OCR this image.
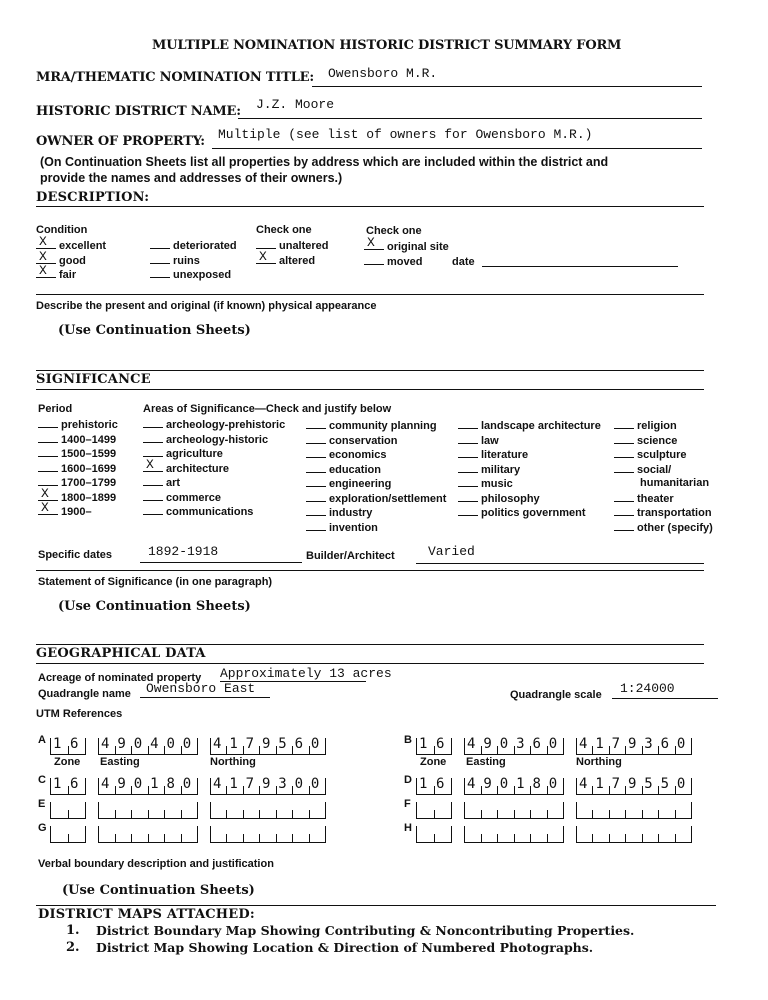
MULTIPLE NOMINATION HISTORIC DISTRICT SUMMARY FORM
MRA/THEMATIC NOMINATION TITLE: Owensboro M.R.
HISTORIC DISTRICT NAME: J.Z. Moore
OWNER OF PROPERTY: Multiple (see list of owners for Owensboro M.R.)
(On Continuation Sheets list all properties by address which are included within the district and
provide the names and addresses of their owners.)
DESCRIPTION:
Condition
X excellent
X good
X fair
deteriorated
ruins
unexposed
Check one
unaltered
X altered
Check one
X original site
moved	date
Describe the present and original (if known) physical appearance
(Use Continuation Sheets)
SIGNIFICANCE
Period	Areas of Significance—Check and justify below
prehistoric
1400–1499
1500–1599
1600–1699
1700–1799
X 1800–1899
X 1900–
archeology-prehistoric
archeology-historic
agriculture
X architecture
art
commerce
communications
community planning
conservation
economics
education
engineering
exploration/settlement
industry
invention
landscape architecture
law
literature
military
music
philosophy
politics government
religion
science
sculpture
social/
humanitarian
theater
transportation
other (specify)
Specific dates	1892-1918	Builder/Architect	Varied
Statement of Significance (in one paragraph)
(Use Continuation Sheets)
GEOGRAPHICAL DATA
Acreage of nominated property Approximately 13 acres
Quadrangle name Owensboro East	Quadrangle scale 1:24000
UTM References
A 16 490400 4179560
Zone Easting	Northing
B 16 490360 4179360
Zone Easting	Northing
C 16 490180 4179300	D 16 490180 4179550
E	F
G	H
Verbal boundary description and justification
(Use Continuation Sheets)
DISTRICT MAPS ATTACHED:
1. District Boundary Map Showing Contributing & Noncontributing Properties.
2. District Map Showing Location & Direction of Numbered Photographs.
